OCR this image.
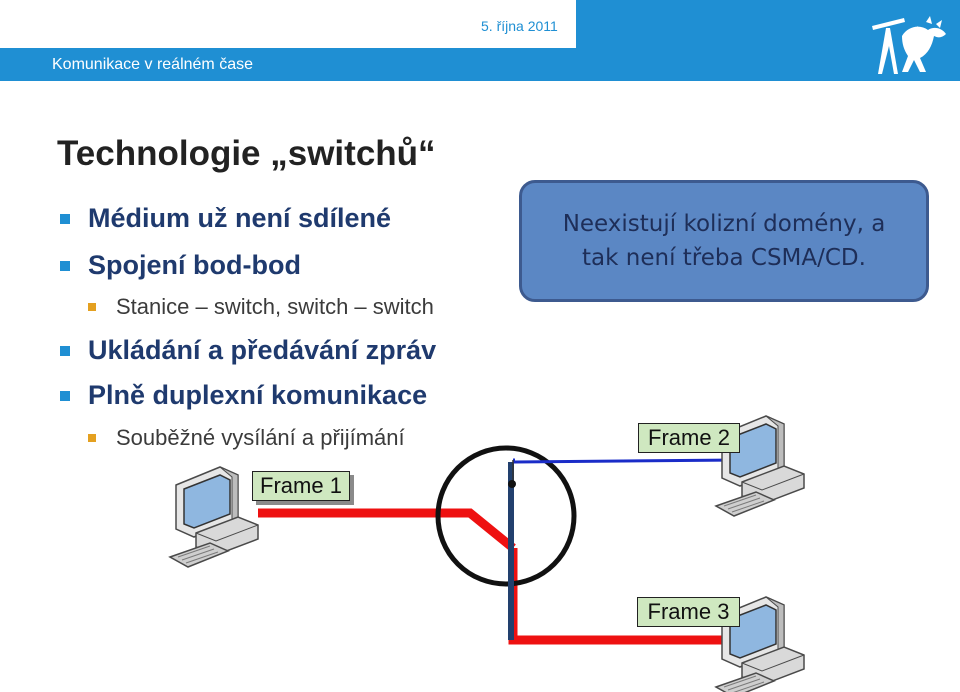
5. října 2011
Komunikace v reálném čase
Technologie „switchů“
Médium už není sdílené
Spojení bod-bod
Stanice – switch, switch – switch
Ukládání a předávání zpráv
Plně duplexní komunikace
Souběžné vysílání a přijímání
Neexistují kolizní domény, a
tak není třeba CSMA/CD.
Frame 1
Frame 2
Frame 3
